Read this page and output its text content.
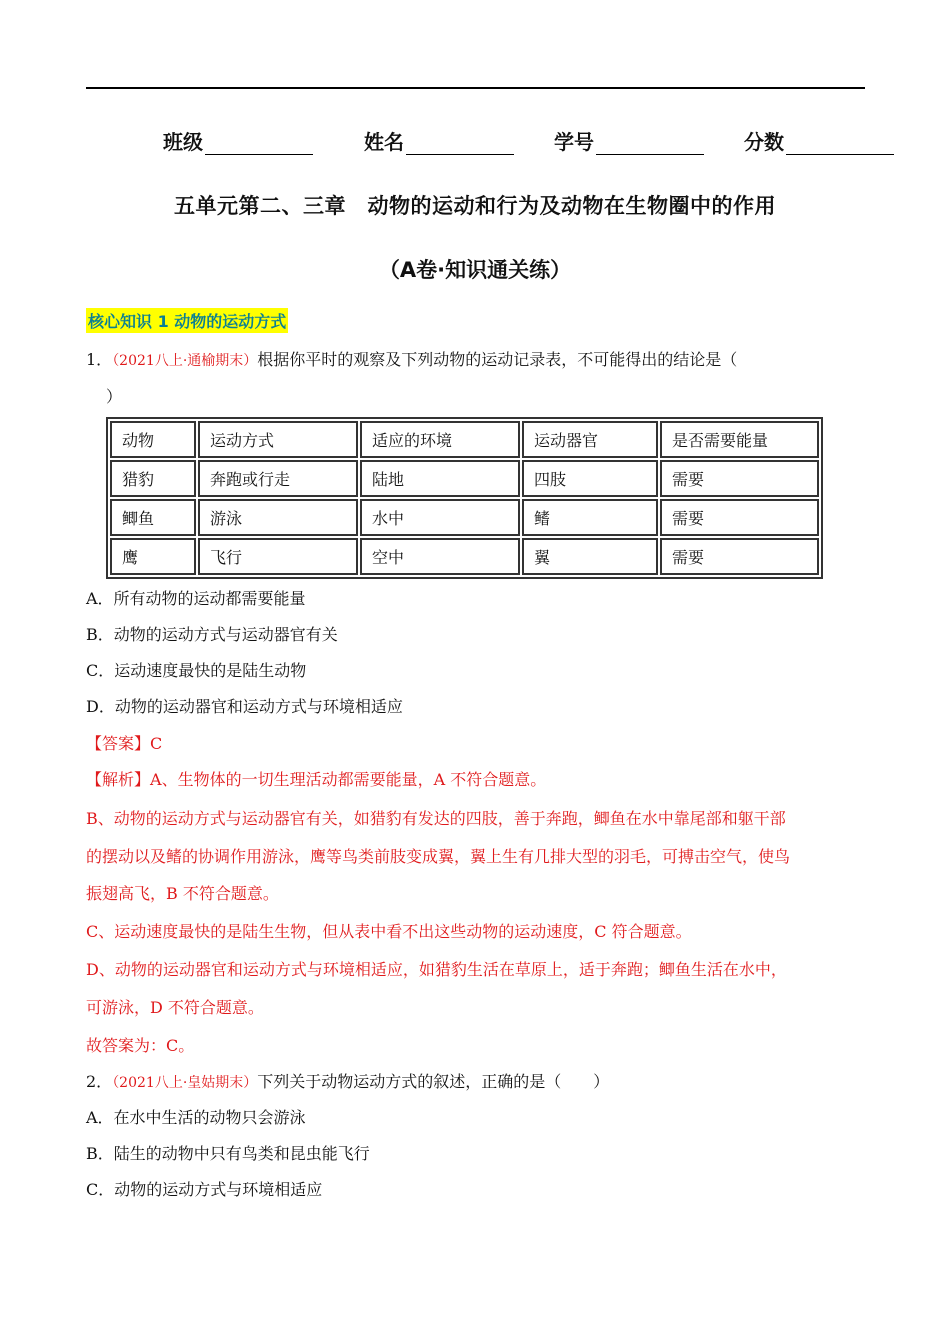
班级	姓名	学号	分数
五单元第二、三章　动物的运动和行为及动物在生物圈中的作用
（A卷·知识通关练）
核心知识 1 动物的运动方式
1．（2021八上·通榆期末）根据你平时的观察及下列动物的运动记录表，不可能得出的结论是（
）
动物	运动方式	适应的环境	运动器官	是否需要能量
猎豹	奔跑或行走	陆地	四肢	需要
鲫鱼	游泳	水中	鳍	需要
鹰	飞行	空中	翼	需要
A．所有动物的运动都需要能量
B．动物的运动方式与运动器官有关
C．运动速度最快的是陆生动物
D．动物的运动器官和运动方式与环境相适应
【答案】C
【解析】A、生物体的一切生理活动都需要能量，A 不符合题意。
B、动物的运动方式与运动器官有关，如猎豹有发达的四肢，善于奔跑，鲫鱼在水中靠尾部和躯干部
的摆动以及鳍的协调作用游泳，鹰等鸟类前肢变成翼，翼上生有几排大型的羽毛，可搏击空气，使鸟
振翅高飞，B 不符合题意。
C、运动速度最快的是陆生生物，但从表中看不出这些动物的运动速度，C 符合题意。
D、动物的运动器官和运动方式与环境相适应，如猎豹生活在草原上，适于奔跑；鲫鱼生活在水中，
可游泳，D 不符合题意。
故答案为：C。
2．（2021八上·皇姑期末）下列关于动物运动方式的叙述，正确的是（　　）
A．在水中生活的动物只会游泳
B．陆生的动物中只有鸟类和昆虫能飞行
C．动物的运动方式与环境相适应
